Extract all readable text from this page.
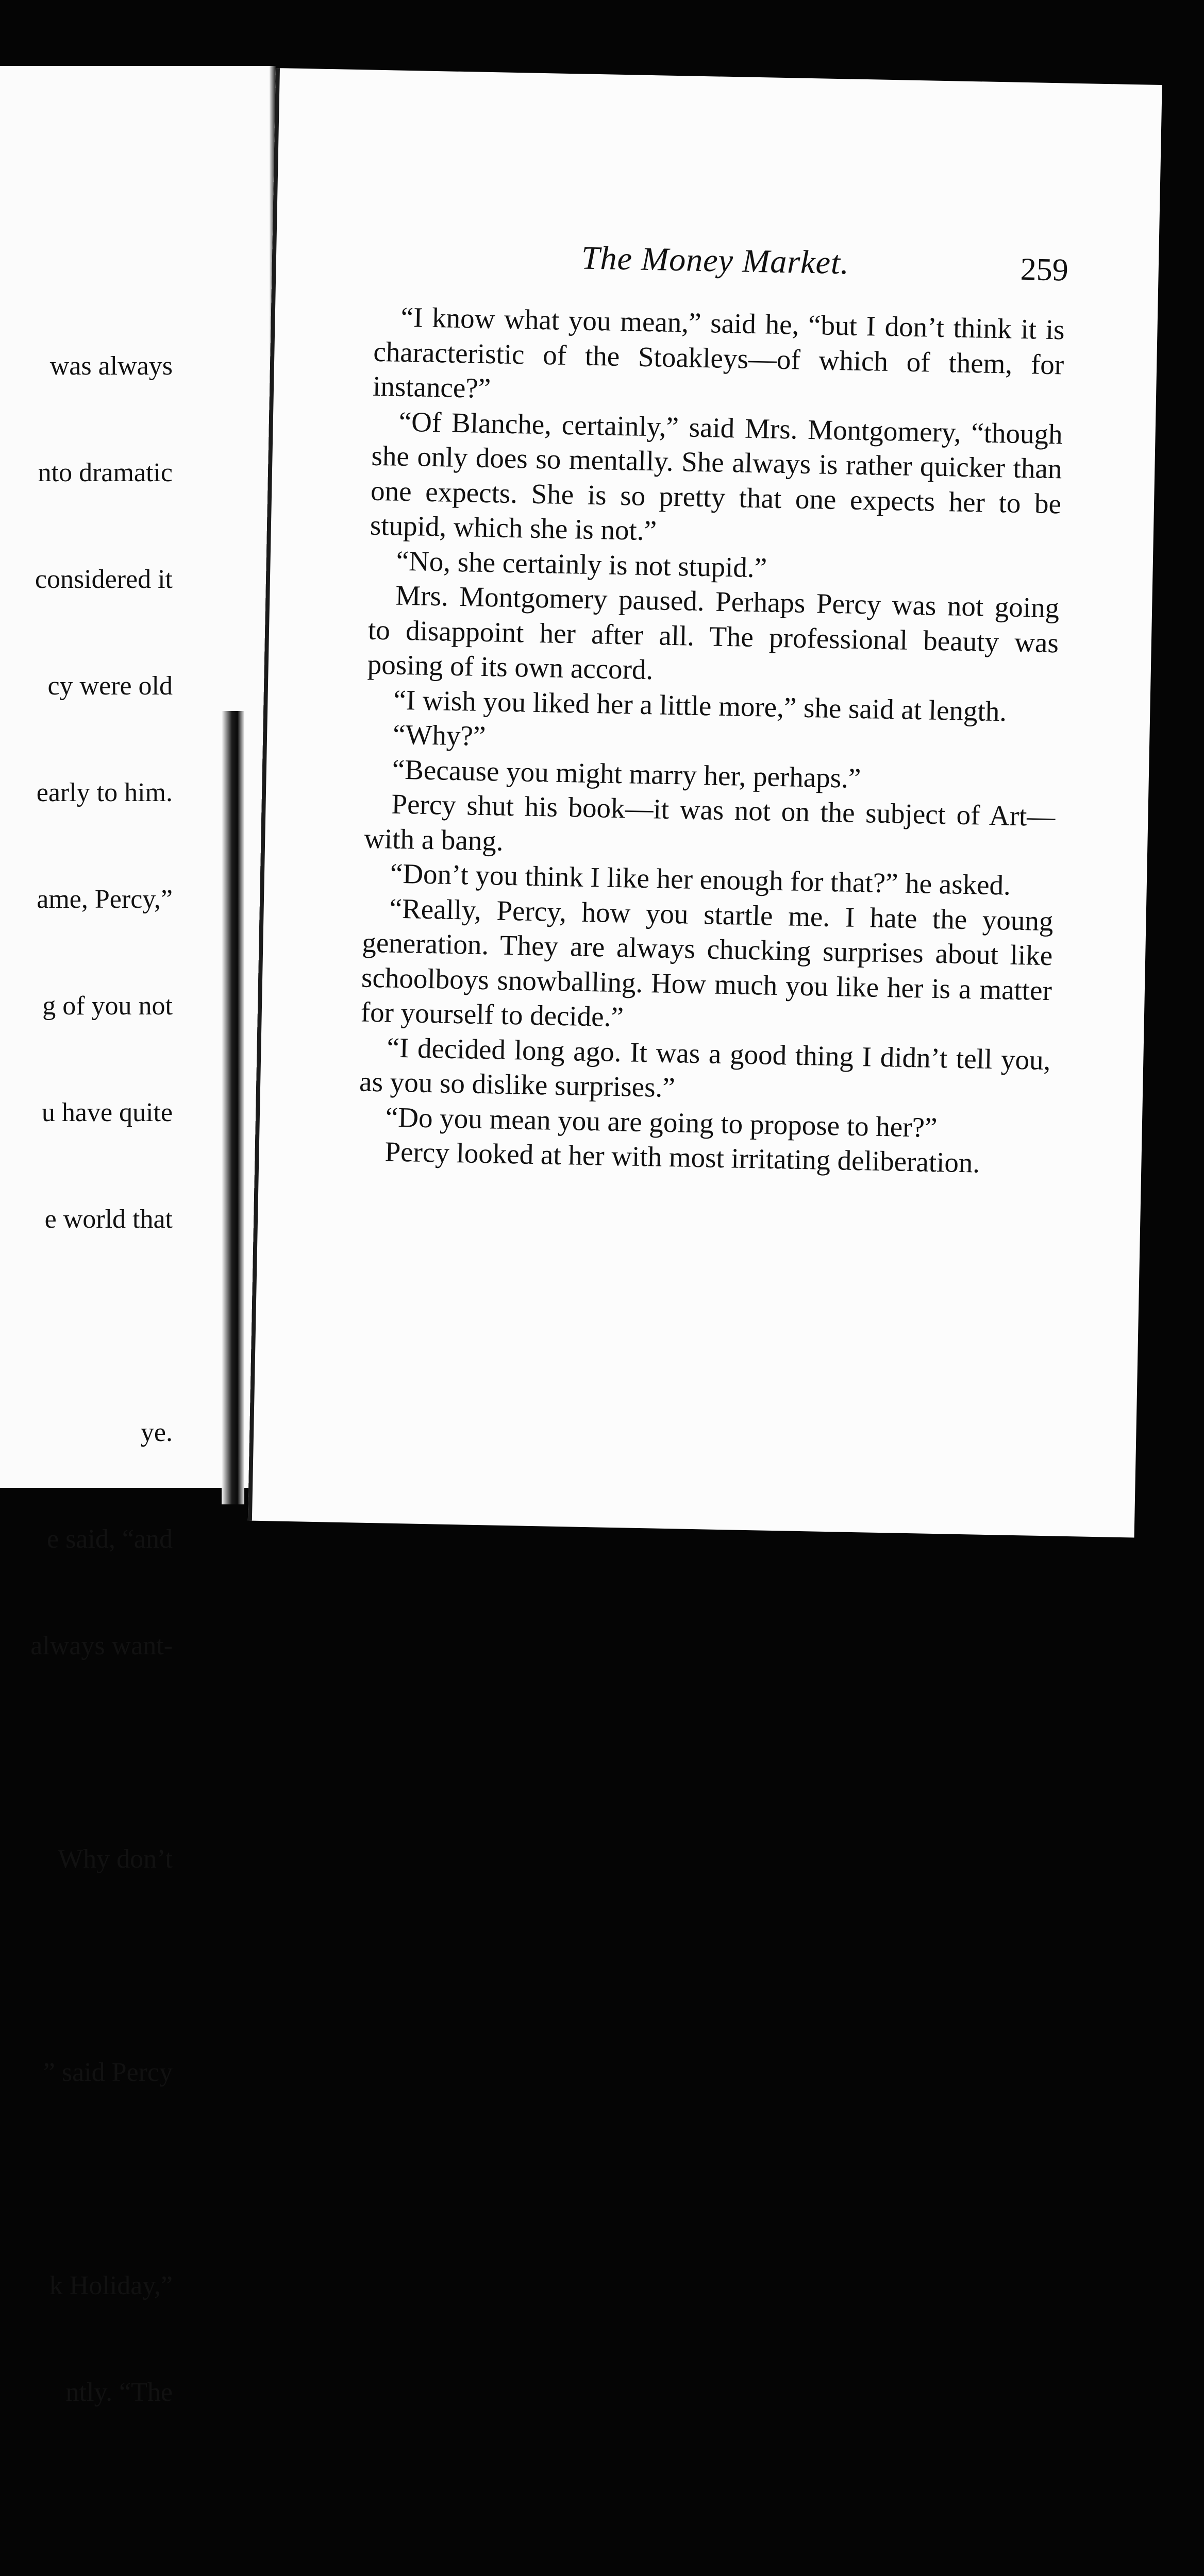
was always

nto dramatic

considered it

cy were old

early to him.

ame, Percy,”

g of you not

u have quite

e world that

ye.

e said, “and

always want-

Why don’t

” said Percy

k Holiday,”

ntly. “The

The Money Market.	259

“I know what you mean,” said he, “but I don’t think it is characteristic of the Stoakleys—of which of them, for instance?”

“Of Blanche, certainly,” said Mrs. Montgomery, “though she only does so mentally. She always is rather quicker than one expects. She is so pretty that one expects her to be stupid, which she is not.”

“No, she certainly is not stupid.”

Mrs. Montgomery paused. Perhaps Percy was not going to disappoint her after all. The professional beauty was posing of its own accord.

“I wish you liked her a little more,” she said at length.

“Why?”

“Because you might marry her, perhaps.”

Percy shut his book—it was not on the subject of Art—with a bang.

“Don’t you think I like her enough for that?” he asked.

“Really, Percy, how you startle me. I hate the young generation. They are always chucking surprises about like schoolboys snowballing. How much you like her is a matter for yourself to decide.”

“I decided long ago. It was a good thing I didn’t tell you, as you so dislike surprises.”

“Do you mean you are going to propose to her?”

Percy looked at her with most irritating deliberation.
